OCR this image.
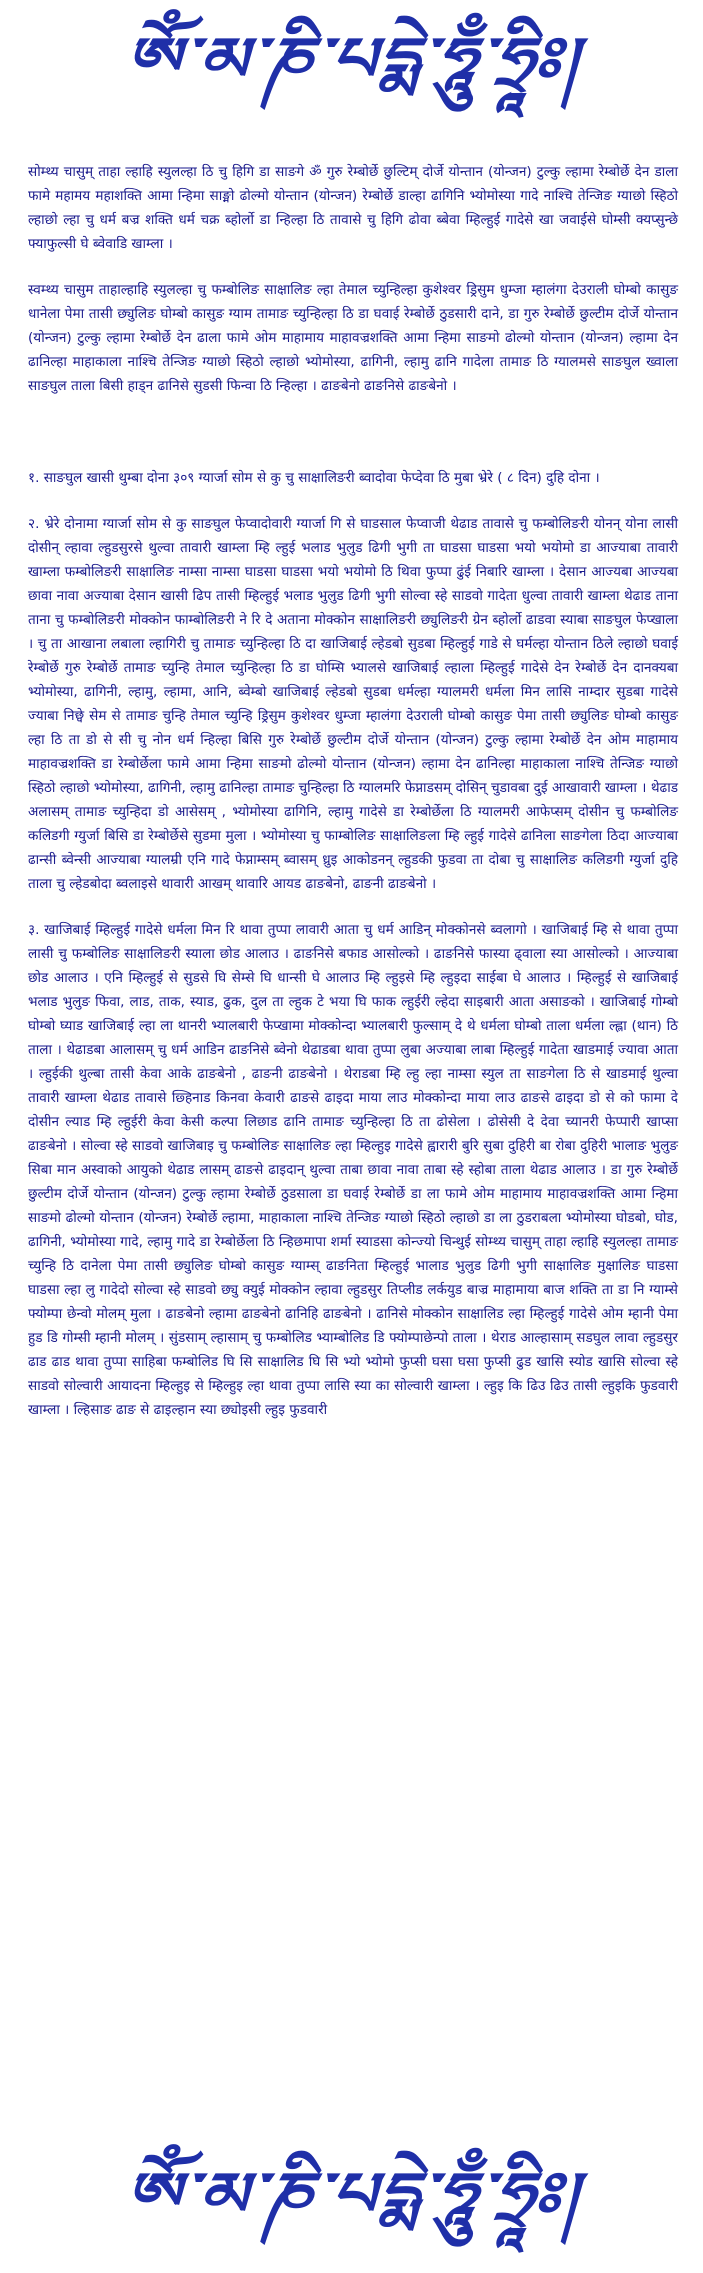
ཨོཾ་མ་ཎི་པདྨེ་ཧཱུྃ་ཧྲཱིཿ།

सोम्थ्य चासुम् ताहा ल्हाहि स्युलल्हा ठि चु हिगि डा साङगे ॐ गुरु रेम्बोर्छे छुल्टिम् दोर्जे योन्तान (योन्जन) टुल्कु ल्हामा रेम्बोर्छे देन डाला फामे महामय महाशक्ति आमा न्हिमा साङ्मो ढोल्मो योन्तान (योन्जन) रेम्बोर्छे डाल्हा ढागिनि भ्योमोस्या गादे नाश्चि तेन्जिङ ग्याछो स्हिठो ल्हाछो ल्हा चु धर्म बज्र शक्ति धर्म चक्र ब्होर्लो डा न्हिल्हा ठि तावासे चु हिगि ढोवा ब्बेवा म्हिल्हुई गादेसे खा जवाईसे घोम्सी क्यप्सुन्छे फ्याफुल्सी घे ब्वेवाडि खाम्ला ।

स्वम्थ्य चासुम ताहाल्हाहि स्युलल्हा चु फम्बोलिङ साक्षालिङ ल्हा तेमाल च्युन्हिल्हा कुशेश्वर ड्रिसुम धुम्जा म्हालंगा देउराली घोम्बो कासुङ धानेला पेमा तासी छ्युलिङ घोम्बो कासुङ ग्याम तामाङ च्युन्हिल्हा ठि डा घवाई रेम्बोर्छे ठुडसारी दाने, डा गुरु रेम्बोर्छे छुल्टीम दोर्जे योन्तान (योन्जन) टुल्कु ल्हामा रेम्बोर्छे देन ढाला फामे ओम माहामाय माहावज्रशक्ति आमा न्हिमा साङमो ढोल्मो योन्तान (योन्जन) ल्हामा देन ढानिल्हा माहाकाला नाश्चि तेन्जिङ ग्याछो स्हिठो ल्हाछो भ्योमोस्या, ढागिनी, ल्हामु ढानि गादेला तामाङ ठि ग्यालमसे साङघुल ख्वाला साङघुल ताला बिसी हाड्न ढानिसे सुडसी फिन्वा ठि न्हिल्हा । ढाङबेनो ढाङनिसे ढाङबेनो ।

१. साङघुल खासी थुम्बा दोना ३०९ ग्यार्जा सोम से कु चु साक्षालिङरी ब्वादोवा फेप्देवा ठि मुबा भ्रेरे ( ८ दिन) दुहि दोना ।

२. भ्रेरे दोनामा ग्यार्जा सोम से कु साङघुल फेप्वादोवारी ग्यार्जा गि से घाडसाल फेप्वाजी थेढाड तावासे चु फम्बोलिङरी योनन् योना लासी दोसीन् ल्हावा ल्हुडसुरसे थुल्वा तावारी खाम्ला म्हि ल्हुई भलाड भुलुड ढिगी भुगी ता घाडसा घाडसा भयो भयोमो डा आज्याबा तावारी खाम्ला फम्बोलिङरी साक्षालिङ नाम्सा नाम्सा घाडसा घाडसा भयो भयोमो ठि थिवा फुप्पा ढुंई निबारि खाम्ला । देसान आज्यबा आज्यबा छावा नावा अज्याबा देसान खासी ढिप तासी म्हिल्हुई भलाड भुलुड ढिगी भुगी सोल्वा स्हे साडवो गादेता धुल्वा तावारी खाम्ला थेढाड ताना ताना चु फम्बोलिङरी मोक्कोन फाम्बोलिङरी ने रि दे अताना मोक्कोन साक्षालिङरी छ्युलिङरी ग्रेन ब्होर्लो ढाडवा स्याबा साङघुल फेप्खाला । चु ता आखाना लबाला ल्हागिरी चु तामाङ च्युन्हिल्हा ठि दा खाजिबाई ल्हेडबो सुडबा म्हिल्हुई गाडे से घर्मल्हा योन्तान ठिले ल्हाछो घवाई रेम्बोर्छे गुरु रेम्बोर्छे तामाङ च्युन्हि तेमाल च्युन्हिल्हा ठि डा घोम्सि भ्यालसे खाजिबाई ल्हाला म्हिल्हुई गादेसे देन रेम्बोर्छे देन दानक्यबा भ्योमोस्या, ढागिनी, ल्हामु, ल्हामा, आनि, ब्वेम्बो खाजिबाई ल्हेडबो सुडबा धर्मल्हा ग्यालमरी धर्मला मिन लासि नाम्दार सुडबा गादेसे ज्याबा निछ्वे सेम से तामाङ चुन्हि तेमाल च्युन्हि ड्रिसुम कुशेश्वर धुम्जा म्हालंगा देउराली घोम्बो कासुङ पेमा तासी छ्युलिङ घोम्बो कासुङ ल्हा ठि ता डो से सी चु नोन धर्म न्हिल्हा बिसि गुरु रेम्बोर्छे छुल्टीम दोर्जे योन्तान (योन्जन) टुल्कु ल्हामा रेम्बोर्छे देन ओम माहामाय माहावज्रशक्ति डा रेम्बोर्छेला फामे आमा न्हिमा साङमो ढोल्मो योन्तान (योन्जन) ल्हामा देन ढानिल्हा माहाकाला नाश्चि तेन्जिङ ग्याछो स्हिठो ल्हाछो भ्योमोस्या, ढागिनी, ल्हामु ढानिल्हा तामाङ चुन्हिल्हा ठि ग्यालमरि फेप्नाडसम् दोसिन् चुडावबा दुई आखावारी खाम्ला । थेढाड अलासम् तामाङ च्युन्हिदा डो आसेसम् , भ्योमोस्या ढागिनि, ल्हामु गादेसे डा रेम्बोर्छेला ठि ग्यालमरी आफेप्सम् दोसीन चु फम्बोलिङ कलिडगी ग्युर्जा बिसि डा रेम्बोर्छेसे सुडमा मुला । भ्योमोस्या चु फाम्बोलिङ साक्षालिङला म्हि ल्हुई गादेसे ढानिला साङगेला ठिदा आज्याबा ढान्सी ब्वेन्सी आज्याबा ग्यालम्री एनि गादे फेप्नाम्सम् ब्वासम् ध्रुइ आकोडनन् ल्हुडकी फुडवा ता दोबा चु साक्षालिङ कलिडगी ग्युर्जा दुहि ताला चु ल्हेडबोदा ब्वलाइसे थावारी आखम् थावारि आयड ढाङबेनो, ढाङनी ढाङबेनो ।

३. खाजिबाई म्हिल्हुई गादेसे धर्मला मिन रि थावा तुप्पा लावारी आता चु धर्म आडिन् मोक्कोनसे ब्वलागो । खाजिबाई म्हि से थावा तुप्पा लासी चु फम्बोलिङ साक्षालिङरी स्याला छोड आलाउ । ढाङनिसे बफाड आसोल्को । ढाङनिसे फास्या ढ्वाला स्या आसोल्को । आज्याबा छोड आलाउ । एनि म्हिल्हुई से सुडसे घि सेम्से घि धान्सी घे आलाउ म्हि ल्हुइसे म्हि ल्हुइदा साईबा घे आलाउ । म्हिल्हुई से खाजिबाई भलाड भुलुङ फिवा, लाड, ताक, स्याड, ढुक, दुल ता ल्हुक टे भया घि फाक ल्हुईरी ल्हेदा साइबारी आता असाङको । खाजिबाई गोम्बो घोम्बो घ्याड खाजिबाई ल्हा ला थानरी भ्यालबारी फेप्खामा मोक्कोन्दा भ्यालबारी फुल्साम् दे थे धर्मला घोम्बो ताला धर्मला ल्ह्ला (थान) ठि ताला । थेढाडबा आलासम् चु धर्म आडिन ढाङनिसे ब्वेनो थेढाडबा थावा तुप्पा लुबा अज्याबा लाबा म्हिल्हुई गादेता खाडमाई ज्यावा आता । ल्हुईकी थुल्बा तासी केवा आके ढाङबेनो , ढाङनी ढाङबेनो । थेराडबा म्हि ल्हु ल्हा नाम्सा स्युल ता साङगेला ठि से खाडमाई थुल्वा तावारी खाम्ला थेढाड तावासे छ्हिनाड किनवा केवारी ढाङसे ढाइदा माया लाउ मोक्कोन्दा माया लाउ ढाङसे ढाइदा डो से को फामा दे दोसीन ल्याड म्हि ल्हुईरी केवा केसी कल्पा लिछाड ढानि तामाङ च्युन्हिल्हा ठि ता ढोसेला । ढोसेसी दे देवा च्यानरी फेप्पारी खाप्सा ढाङबेनो । सोल्वा स्हे साडवो खाजिबाइ चु फम्बोलिङ साक्षालिङ ल्हा म्हिल्हुइ गादेसे ह्वारारी बुरि सुबा दुहिरी बा रोबा दुहिरी भालाङ भुलुङ सिबा मान अस्वाको आयुको थेढाड लासम् ढाङसे ढाइदान् थुल्वा ताबा छावा नावा ताबा स्हे स्होबा ताला थेढाड आलाउ । डा गुरु रेम्बोर्छे छुल्टीम दोर्जे योन्तान (योन्जन) टुल्कु ल्हामा रेम्बोर्छे ठुडसाला डा घवाई रेम्बोर्छे डा ला फामे ओम माहामाय माहावज्रशक्ति आमा न्हिमा साङमो ढोल्मो योन्तान (योन्जन) रेम्बोर्छे ल्हामा, माहाकाला नाश्चि तेन्जिङ ग्याछो स्हिठो ल्हाछो डा ला ठुडराबला भ्योमोस्या घोडबो, घोड, ढागिनी, भ्योमोस्या गादे, ल्हामु गादे डा रेम्बोर्छेला ठि न्हिछमापा शर्मा स्याडसा कोन्ज्यो चिन्थुई सोम्थ्य चासुम् ताहा ल्हाहि स्युलल्हा तामाङ च्युन्हि ठि दानेला पेमा तासी छ्युलिङ घोम्बो कासुङ ग्याम्स् ढाङनिता म्हिल्हुई भालाड भुलुड ढिगी भुगी साक्षालिङ मुक्षालिङ घाडसा घाडसा ल्हा लु गादेदो सोल्वा स्हे साडवो छ्यु क्युई मोक्कोन ल्हावा ल्हुडसुर तिप्लीड लर्कयुड बाज्र माहामाया बाज शक्ति ता डा नि ग्याम्से फ्योम्पा छेन्वो मोलम् मुला । ढाङबेनो ल्हामा ढाङबेनो ढानिहि ढाङबेनो । ढानिसे मोक्कोन साक्षालिड ल्हा म्हिल्हुई गादेसे ओम म्हानी पेमा हुड डि गोम्सी म्हानी मोलम् । सुंडसाम् ल्हासाम् चु फम्बोलिड भ्याम्बोलिड डि फ्योम्पाछेन्पो ताला । थेराड आल्हासाम् सडघुल लावा ल्हुडसुर ढाड ढाड थावा तुप्पा साहिबा फम्बोलिड घि सि साक्षालिड घि सि भ्यो भ्योमो फुप्सी घसा घसा फुप्सी ढुड खासि स्योड खासि सोल्वा स्हे साडवो सोल्वारी आयादना म्हिल्हुइ से म्हिल्हुइ ल्हा थावा तुप्पा लासि स्या का सोल्वारी खाम्ला । ल्हुइ कि ढिउ ढिउ तासी ल्हुइकि फुडवारी खाम्ला । ल्हिसाङ ढाङ से ढाइल्हान स्या छ्योइसी ल्हुइ फुडवारी

ཨོཾ་མ་ཎི་པདྨེ་ཧཱུྃ་ཧྲཱིཿ།
